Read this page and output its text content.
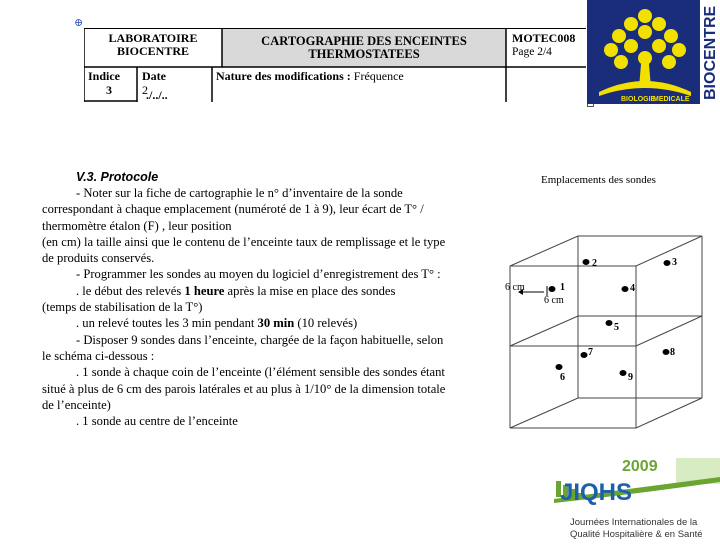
⊕
LABORATOIRE
BIOCENTRE
CARTOGRAPHIE DES ENCEINTES
THERMOSTATEES
MOTEC008
Page 2/4
Indice
3
Date
2
./../..
Nature des modifications : Fréquence
BIOLOGIE
MEDICALE BIOCENTRE
V.3. Protocole

- Noter sur la fiche de cartographie le n° d’inventaire de la sonde

correspondant à chaque emplacement (numéroté de 1 à 9), leur écart de T° /

thermomètre étalon (F) , leur position

(en cm) la taille ainsi que le contenu de l’enceinte taux de remplissage et le type

de produits conservés.

- Programmer les sondes au moyen du logiciel d’enregistrement des T° :

. le début des relevés 1 heure après la mise en place des sondes

(temps de stabilisation de la T°)

. un relevé toutes les 3 min pendant 30 min (10 relevés)

- Disposer 9 sondes dans l’enceinte, chargée de la façon habituelle, selon

le schéma ci-dessous :

. 1 sonde à chaque coin de l’enceinte (l’élément sensible des sondes étant

situé à plus de 6 cm des parois latérales et au plus à 1/10° de la dimension totale

de l’enceinte)

. 1 sonde au centre de l’enceinte

Emplacements des sondes
6 cm
6 cm
1
2	3
4
5
6
7	8
9
2009
JIQHS
Journées Internationales de la
Qualité Hospitalière & en Santé
